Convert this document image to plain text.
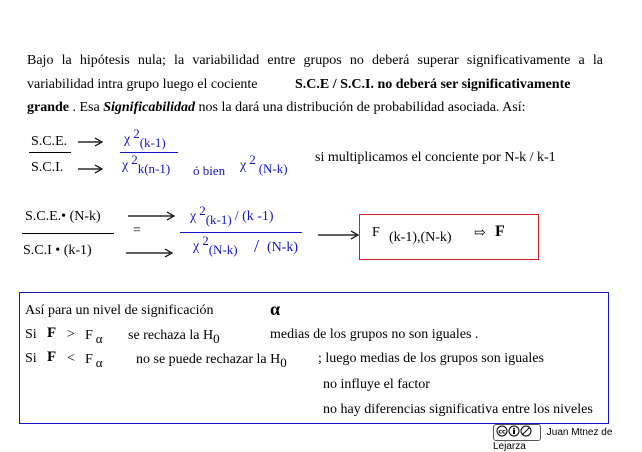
Bajo la hipótesis nula; la variabilidad entre grupos no deberá superar significativamente a la
variabilidad intra grupo luego el cociente	S.C.E / S.C.I. no deberá ser significativamente
grande . Esa Significabilidad nos la dará una distribución de probabilidad asociada. Así:
S.C.E.
S.C.I.
χ 2(k-1)
χ 2k(n-1) ó bien χ 2(N-k)
si multiplicamos el conciente por N-k / k-1
S.C.E.• (N-k)
S.C.I • (k-1)
=
χ 2(k-1) / (k -1)
χ 2(N-k) / (N-k)
F (k-1),(N-k) ⇨ F
Así para un nivel de significación	α
Si F > F α se rechaza la H0	medias de los grupos no son iguales .
Si F < F α no se puede rechazar la H0 ; luego medias de los grupos son iguales
no influye el factor
no hay diferencias significativa entre los niveles
cc	Juan Mtnez de Lejarza
